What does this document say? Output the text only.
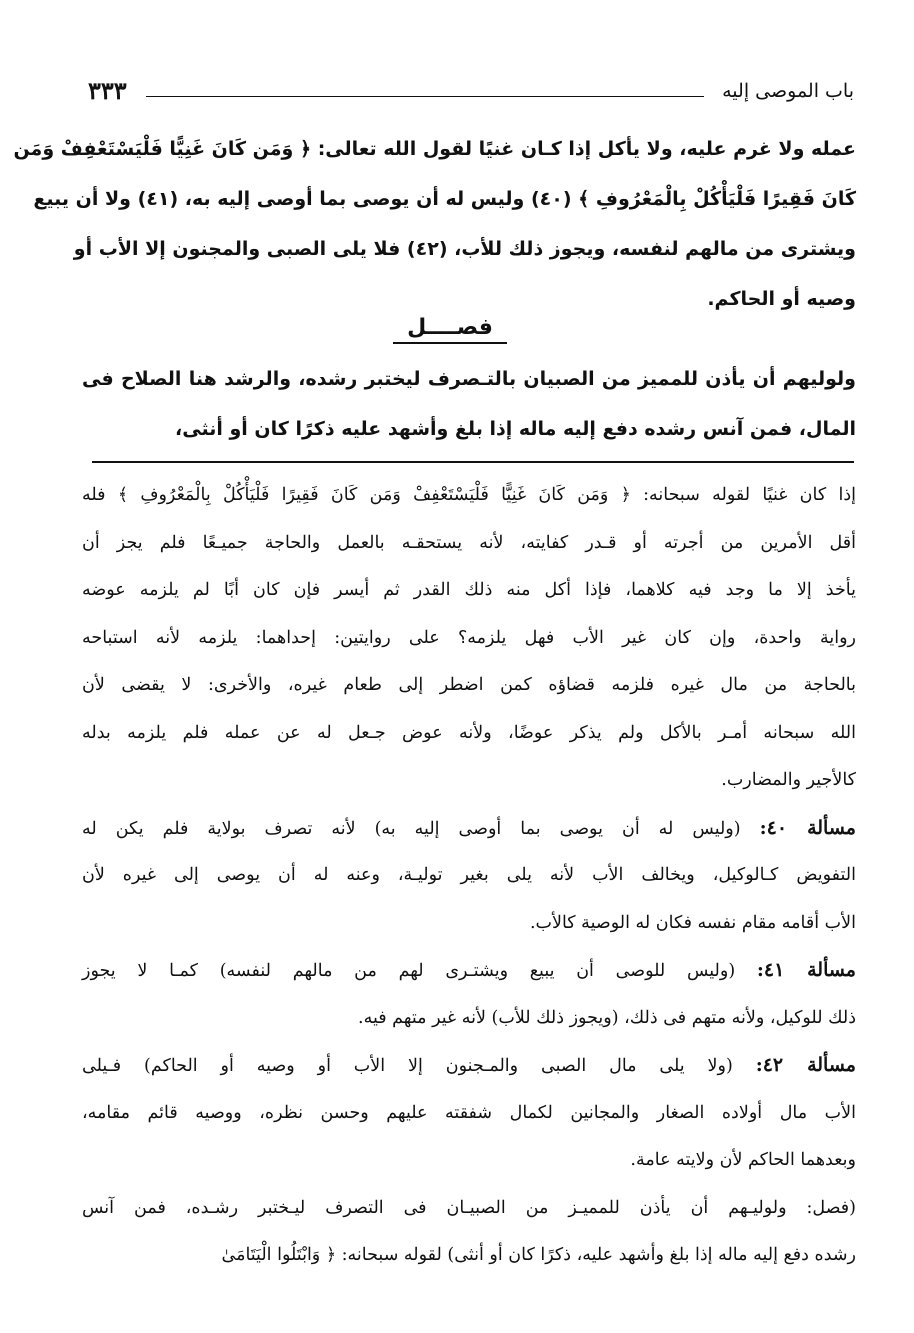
باب الموصى إليه
٣٣٣
عمله ولا غرم عليه، ولا يأكل إذا كـان غنيًا لقول الله تعالى: ﴿ وَمَن كَانَ غَنِيًّا فَلْيَسْتَعْفِفْ وَمَن
كَانَ فَقِيرًا فَلْيَأْكُلْ بِالْمَعْرُوفِ ﴾ (٤٠) وليس له أن يوصى بما أوصى إليه به، (٤١) ولا أن يبيع
ويشترى من مالهم لنفسه، ويجوز ذلك للأب، (٤٢) فلا يلى الصبى والمجنون إلا الأب أو
وصيه أو الحاكم.
فصــــل
ولوليهم أن يأذن للمميز من الصبيان بالتـصرف ليختبر رشده، والرشد هنا الصلاح فى
المال، فمن آنس رشده دفع إليه ماله إذا بلغ وأشهد عليه ذكرًا كان أو أنثى،
إذا كان غنيًا لقوله سبحانه: ﴿ وَمَن كَانَ غَنِيًّا فَلْيَسْتَعْفِفْ وَمَن كَانَ فَقِيرًا فَلْيَأْكُلْ بِالْمَعْرُوفِ ﴾ فله
أقل الأمرين من أجرته أو قـدر كفايته، لأنه يستحقـه بالعمل والحاجة جميـعًا فلم يجز أن
يأخذ إلا ما وجد فيه كلاهما، فإذا أكل منه ذلك القدر ثم أيسر فإن كان أبًا لم يلزمه عوضه
رواية واحدة، وإن كان غير الأب فهل يلزمه؟ على روايتين: إحداهما: يلزمه لأنه استباحه
بالحاجة من مال غيره فلزمه قضاؤه كمن اضطر إلى طعام غيره، والأخرى: لا يقضى لأن
الله سبحانه أمـر بالأكل ولم يذكر عوضًا، ولأنه عوض جـعل له عن عمله فلم يلزمه بدله
كالأجير والمضارب.
مسألة ٤٠: (وليس له أن يوصى بما أوصى إليه به) لأنه تصرف بولاية فلم يكن له
التفويض كـالوكيل، ويخالف الأب لأنه يلى بغير توليـة، وعنه له أن يوصى إلى غيره لأن
الأب أقامه مقام نفسه فكان له الوصية كالأب.
مسألة ٤١: (وليس للوصى أن يبيع ويشتـرى لهم من مالهم لنفسه) كمـا لا يجوز
ذلك للوكيل، ولأنه متهم فى ذلك، (ويجوز ذلك للأب) لأنه غير متهم فيه.
مسألة ٤٢: (ولا يلى مال الصبى والمـجنون إلا الأب أو وصيه أو الحاكم) فـيلى
الأب مال أولاده الصغار والمجانين لكمال شفقته عليهم وحسن نظره، ووصيه قائم مقامه،
وبعدهما الحاكم لأن ولايته عامة.
(فصل: ولوليـهم أن يأذن للمميـز من الصبيـان فى التصرف ليـختبر رشـده، فمن آنس
رشده دفع إليه ماله إذا بلغ وأشهد عليه، ذكرًا كان أو أنثى) لقوله سبحانه: ﴿ وَابْتَلُوا الْيَتَامَىٰ
